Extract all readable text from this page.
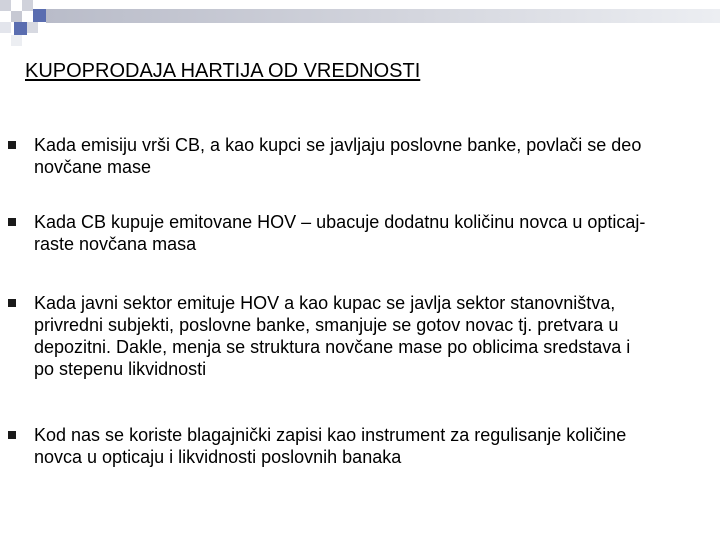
KUPOPRODAJA HARTIJA OD VREDNOSTI
Kada emisiju vrši CB, a kao kupci se javljaju poslovne banke, povlači se deo
novčane mase
Kada CB kupuje emitovane HOV – ubacuje dodatnu količinu novca u opticaj-
raste novčana masa
Kada javni sektor emituje HOV a kao kupac se javlja sektor stanovništva,
privredni subjekti, poslovne banke, smanjuje se gotov novac tj. pretvara u
depozitni. Dakle, menja se struktura novčane mase po oblicima sredstava i
po stepenu likvidnosti
Kod nas se koriste blagajnički zapisi kao instrument za regulisanje količine
novca u opticaju i likvidnosti poslovnih banaka
